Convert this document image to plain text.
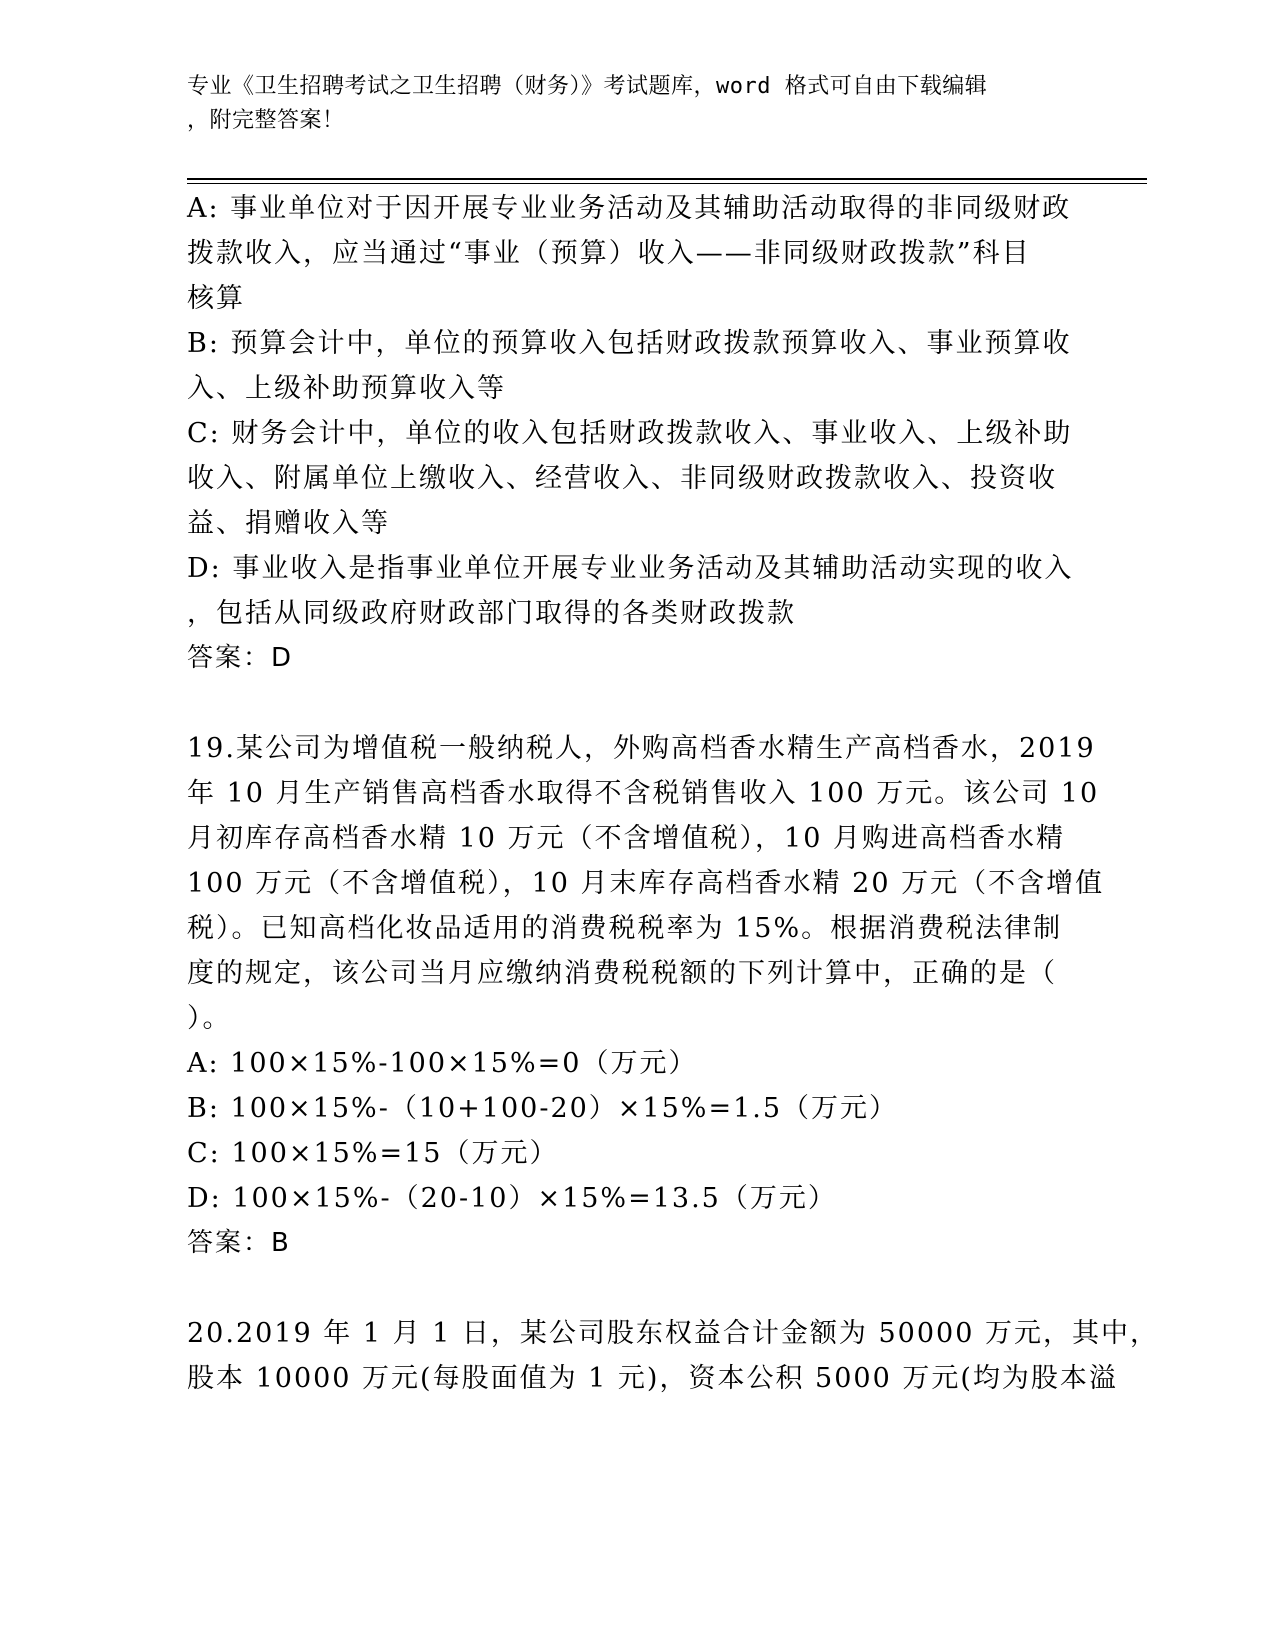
专业《卫生招聘考试之卫生招聘（财务）》考试题库，word 格式可自由下载编辑
，附完整答案！
A: 事业单位对于因开展专业业务活动及其辅助活动取得的非同级财政
拨款收入，应当通过“事业（预算）收入——非同级财政拨款”科目
核算
B: 预算会计中，单位的预算收入包括财政拨款预算收入、事业预算收
入、上级补助预算收入等
C: 财务会计中，单位的收入包括财政拨款收入、事业收入、上级补助
收入、附属单位上缴收入、经营收入、非同级财政拨款收入、投资收
益、捐赠收入等
D: 事业收入是指事业单位开展专业业务活动及其辅助活动实现的收入
，包括从同级政府财政部门取得的各类财政拨款
答案：D
19.某公司为增值税一般纳税人，外购高档香水精生产高档香水，2019
年 10 月生产销售高档香水取得不含税销售收入 100 万元。该公司 10
月初库存高档香水精 10 万元（不含增值税），10 月购进高档香水精
100 万元（不含增值税），10 月末库存高档香水精 20 万元（不含增值
税）。已知高档化妆品适用的消费税税率为 15%。根据消费税法律制
度的规定，该公司当月应缴纳消费税税额的下列计算中，正确的是（
）。
A: 100×15%-100×15%=0（万元）
B: 100×15%-（10+100-20）×15%=1.5（万元）
C: 100×15%=15（万元）
D: 100×15%-（20-10）×15%=13.5（万元）
答案：B
20.2019 年 1 月 1 日，某公司股东权益合计金额为 50000 万元，其中，
股本 10000 万元(每股面值为 1 元)，资本公积 5000 万元(均为股本溢
